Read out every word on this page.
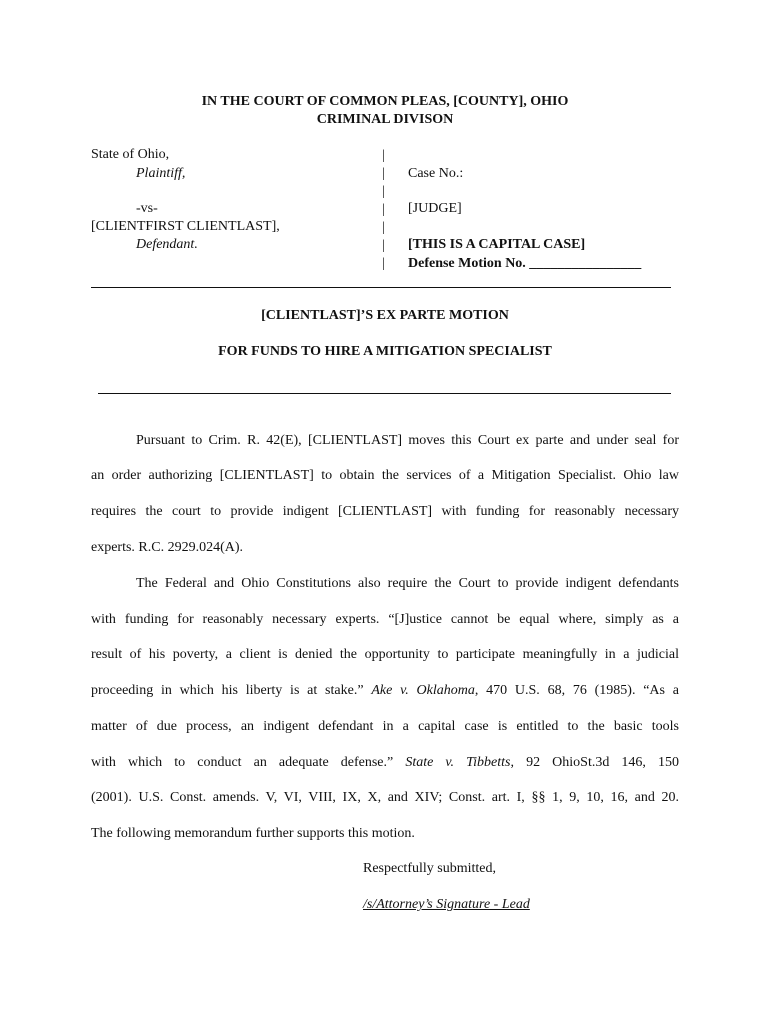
IN THE COURT OF COMMON PLEAS, [COUNTY], OHIO
CRIMINAL DIVISON
State of Ohio,
Plaintiff,
-vs-
[CLIENTFIRST CLIENTLAST],
Defendant.
|
|
|
|
|
|
|
Case No.:
[JUDGE]
[THIS IS A CAPITAL CASE]
Defense Motion No. ________________
[CLIENTLAST]’S EX PARTE MOTION
FOR FUNDS TO HIRE A MITIGATION SPECIALIST
Pursuant to Crim. R. 42(E), [CLIENTLAST] moves this Court ex parte and under seal for
an order authorizing [CLIENTLAST] to obtain the services of a Mitigation Specialist. Ohio law
requires the court to provide indigent [CLIENTLAST] with funding for reasonably necessary
experts. R.C. 2929.024(A).
The Federal and Ohio Constitutions also require the Court to provide indigent defendants
with funding for reasonably necessary experts. “[J]ustice cannot be equal where, simply as a
result of his poverty, a client is denied the opportunity to participate meaningfully in a judicial
proceeding in which his liberty is at stake.” Ake v. Oklahoma, 470 U.S. 68, 76 (1985). “As a
matter of due process, an indigent defendant in a capital case is entitled to the basic tools
with which to conduct an adequate defense.” State v. Tibbetts, 92 OhioSt.3d 146, 150
(2001). U.S. Const. amends. V, VI, VIII, IX, X, and XIV; Const. art. I, §§ 1, 9, 10, 16, and 20.
The following memorandum further supports this motion.
Respectfully submitted,
/s/Attorney’s Signature - Lead
